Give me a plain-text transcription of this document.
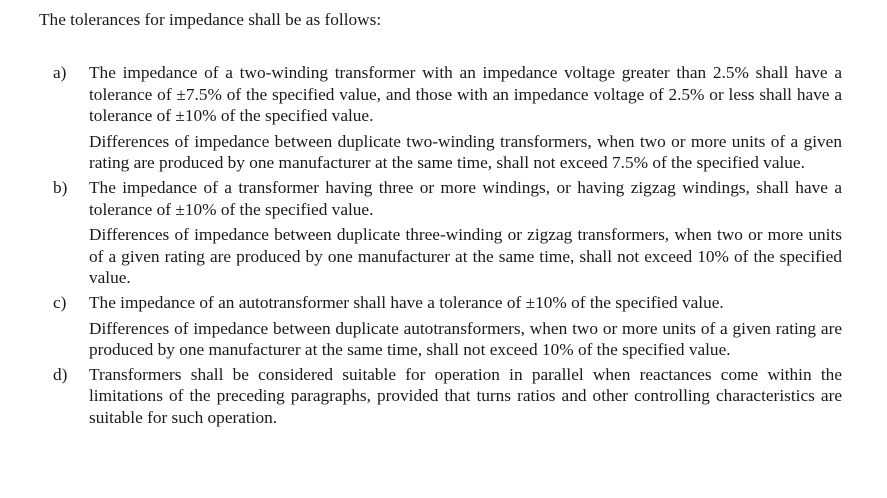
The tolerances for impedance shall be as follows:

a)	The impedance of a two-winding transformer with an impedance voltage greater than 2.5% shall have a tolerance of ±7.5% of the specified value, and those with an impedance voltage of 2.5% or less shall have a tolerance of ±10% of the specified value.

Differences of impedance between duplicate two-winding transformers, when two or more units of a given rating are produced by one manufacturer at the same time, shall not exceed 7.5% of the specified value.

b)	The impedance of a transformer having three or more windings, or having zigzag windings, shall have a tolerance of ±10% of the specified value.

Differences of impedance between duplicate three-winding or zigzag transformers, when two or more units of a given rating are produced by one manufacturer at the same time, shall not exceed 10% of the specified value.

c)	The impedance of an autotransformer shall have a tolerance of ±10% of the specified value.

Differences of impedance between duplicate autotransformers, when two or more units of a given rating are produced by one manufacturer at the same time, shall not exceed 10% of the specified value.

d)	Transformers shall be considered suitable for operation in parallel when reactances come within the limitations of the preceding paragraphs, provided that turns ratios and other controlling characteristics are suitable for such operation.
